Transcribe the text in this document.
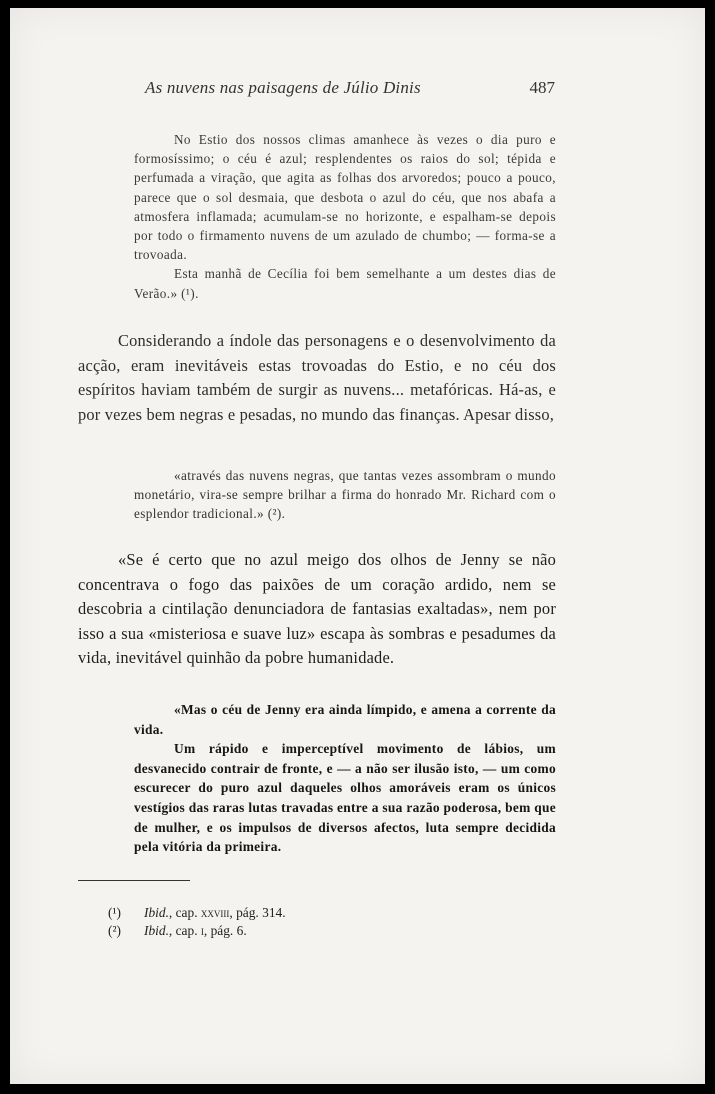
As nuvens nas paisagens de Júlio Dinis	487

No Estio dos nossos climas amanhece às vezes o dia puro e formosíssimo; o céu é azul; resplendentes os raios do sol; tépida e perfumada a viração, que agita as folhas dos arvoredos; pouco a pouco, parece que o sol desmaia, que desbota o azul do céu, que nos abafa a atmosfera inflamada; acumulam-se no horizonte, e espalham-se depois por todo o firmamento nuvens de um azulado de chumbo; — forma-se a trovoada.

Esta manhã de Cecília foi bem semelhante a um destes dias de Verão.» (¹).

Considerando a índole das personagens e o desenvolvimento da acção, eram inevitáveis estas trovoadas do Estio, e no céu dos espíritos haviam também de surgir as nuvens... metafóricas. Há-as, e por vezes bem negras e pesadas, no mundo das finanças. Apesar disso,

«através das nuvens negras, que tantas vezes assombram o mundo monetário, vira-se sempre brilhar a firma do honrado Mr. Richard com o esplendor tradicional.» (²).

«Se é certo que no azul meigo dos olhos de Jenny se não concentrava o fogo das paixões de um coração ardido, nem se descobria a cintilação denunciadora de fantasias exaltadas», nem por isso a sua «misteriosa e suave luz» escapa às sombras e pesadumes da vida, inevitável quinhão da pobre humanidade.

«Mas o céu de Jenny era ainda límpido, e amena a corrente da vida.

Um rápido e imperceptível movimento de lábios, um desvanecido contrair de fronte, e — a não ser ilusão isto, — um como escurecer do puro azul daqueles olhos amoráveis eram os únicos vestígios das raras lutas travadas entre a sua razão poderosa, bem que de mulher, e os impulsos de diversos afectos, luta sempre decidida pela vitória da primeira.

(¹)	Ibid., cap. xxviii, pág. 314.
(²)	Ibid., cap. i, pág. 6.
